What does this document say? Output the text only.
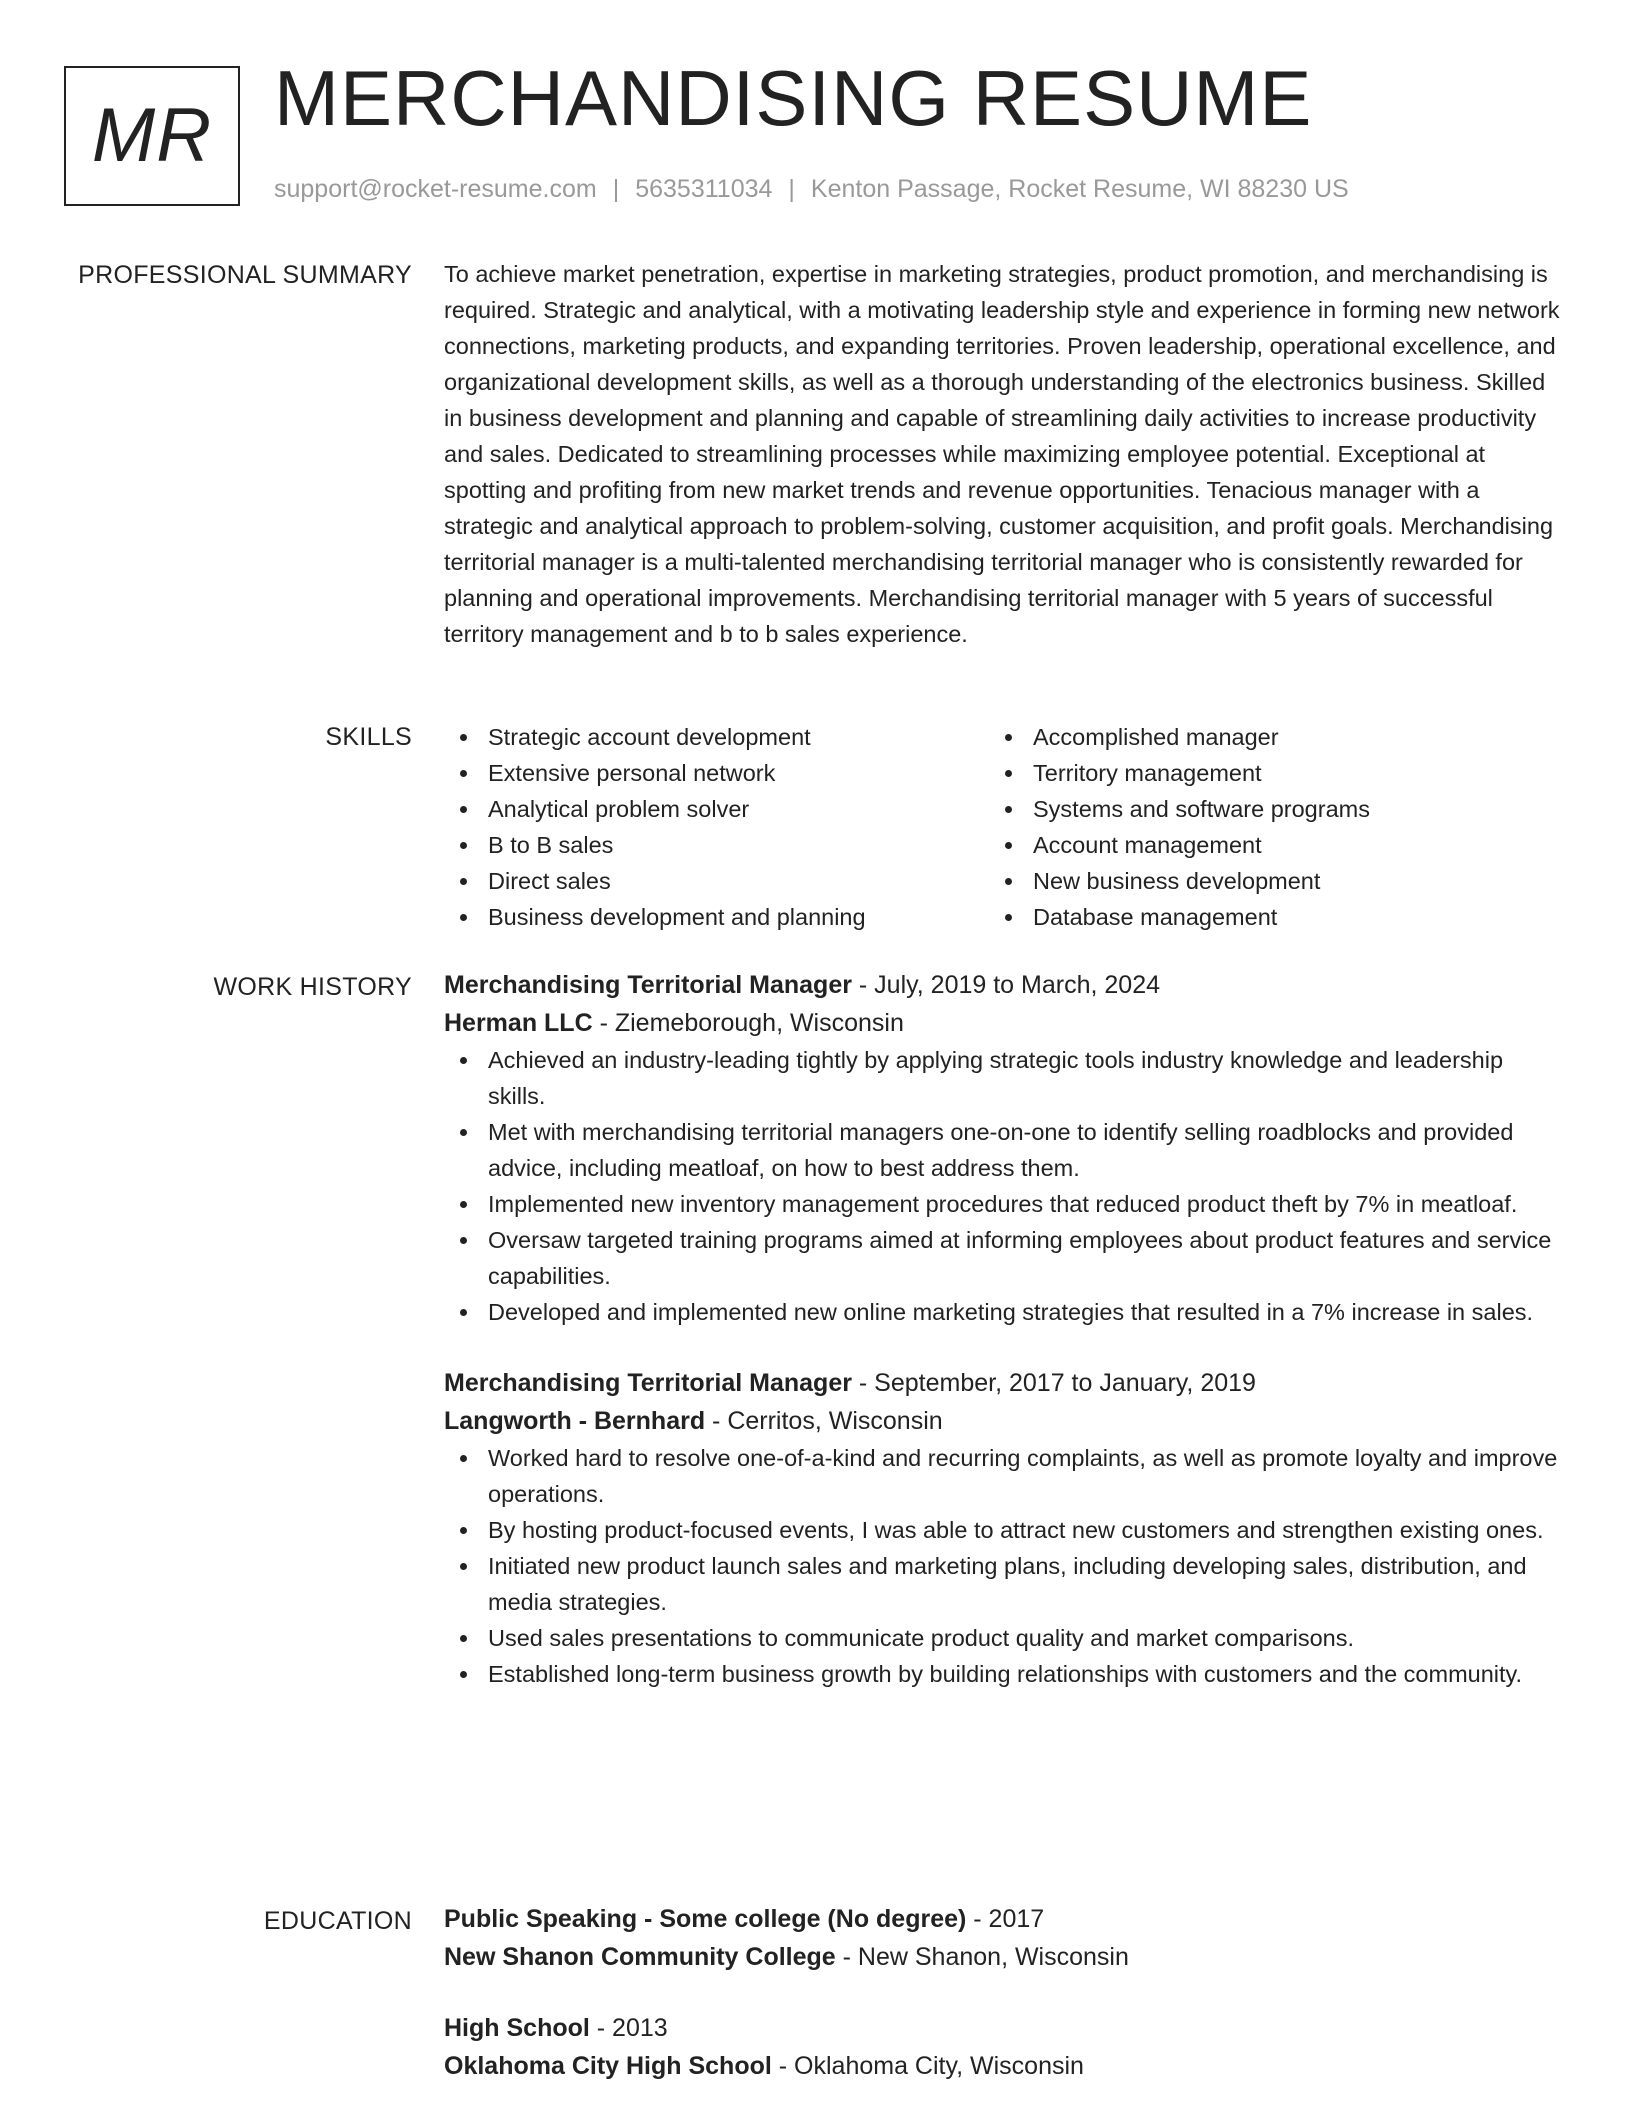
MR MERCHANDISING RESUME
support@rocket-resume.com | 5635311034 | Kenton Passage, Rocket Resume, WI 88230 US
PROFESSIONAL SUMMARY To achieve market penetration, expertise in marketing strategies, product promotion, and merchandising is required. Strategic and analytical, with a motivating leadership style and experience in forming new network connections, marketing products, and expanding territories. Proven leadership, operational excellence, and organizational development skills, as well as a thorough understanding of the electronics business. Skilled in business development and planning and capable of streamlining daily activities to increase productivity and sales. Dedicated to streamlining processes while maximizing employee potential. Exceptional at spotting and profiting from new market trends and revenue opportunities. Tenacious manager with a strategic and analytical approach to problem-solving, customer acquisition, and profit goals. Merchandising territorial manager is a multi-talented merchandising territorial manager who is consistently rewarded for planning and operational improvements. Merchandising territorial manager with 5 years of successful territory management and b to b sales experience.

SKILLS	Strategic account development
Extensive personal network
Analytical problem solver
B to B sales
Direct sales
Business development and planning
Accomplished manager
Territory management
Systems and software programs
Account management
New business development
Database management
WORK HISTORY Merchandising Territorial Manager - July, 2019 to March, 2024
Herman LLC - Ziemeborough, Wisconsin
Achieved an industry-leading tightly by applying strategic tools industry knowledge and leadership skills.
Met with merchandising territorial managers one-on-one to identify selling roadblocks and provided advice, including meatloaf, on how to best address them.
Implemented new inventory management procedures that reduced product theft by 7% in meatloaf.
Oversaw targeted training programs aimed at informing employees about product features and service capabilities.
Developed and implemented new online marketing strategies that resulted in a 7% increase in sales.
Merchandising Territorial Manager - September, 2017 to January, 2019
Langworth - Bernhard - Cerritos, Wisconsin
Worked hard to resolve one-of-a-kind and recurring complaints, as well as promote loyalty and improve operations.
By hosting product-focused events, I was able to attract new customers and strengthen existing ones.
Initiated new product launch sales and marketing plans, including developing sales, distribution, and media strategies.
Used sales presentations to communicate product quality and market comparisons.
Established long-term business growth by building relationships with customers and the community.
EDUCATION Public Speaking - Some college (No degree) - 2017
New Shanon Community College - New Shanon, Wisconsin
High School - 2013
Oklahoma City High School - Oklahoma City, Wisconsin
